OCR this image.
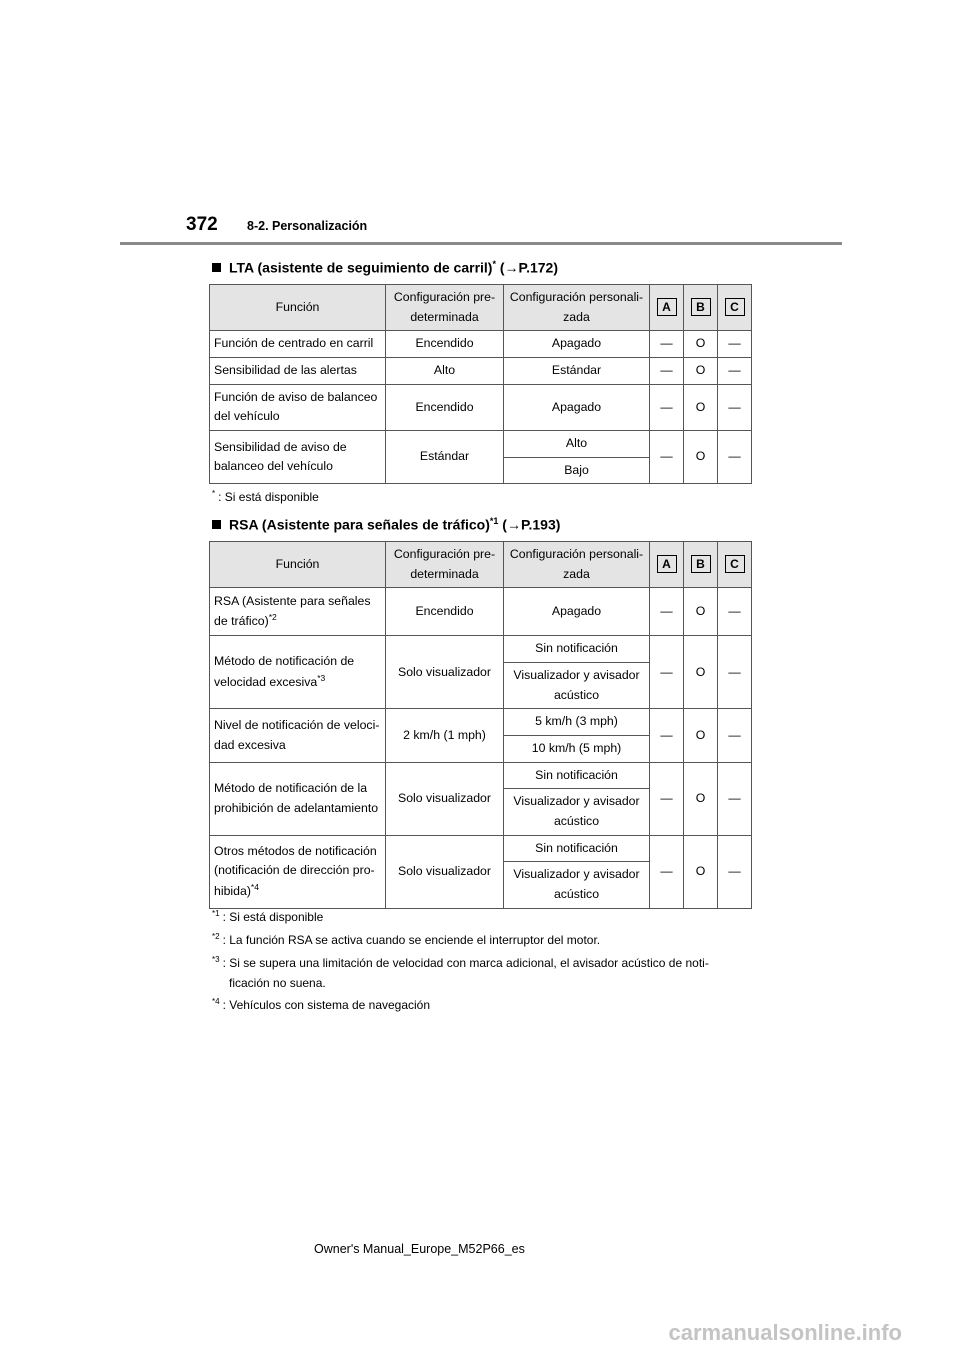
372 8-2. Personalización
LTA (asistente de seguimiento de carril)* (→P.172)
Función	Configuración pre-determinada	Configuración personali-zada	A	B	C
Función de centrado en carril	Encendido	Apagado	—	O	—
Sensibilidad de las alertas	Alto	Estándar	—	O	—
Función de aviso de balanceo del vehículo	Encendido	Apagado	—	O	—
Sensibilidad de aviso de balanceo del vehículo	Estándar	Alto	—	O	—
		Bajo			
* : Si está disponible
RSA (Asistente para señales de tráfico)$^{*1}$ (→P.193)
Función	Configuración pre-determinada	Configuración personali-zada	A	B	C
RSA (Asistente para señales de tráfico)$^{*2}$	Encendido	Apagado	—	O	—
Método de notificación de velocidad excesiva$^{*3}$	Solo visualizador	Sin notificación	—	O	—
		Visualizador y avisador acústico			
Nivel de notificación de veloci-dad excesiva	2 km/h (1 mph)	5 km/h (3 mph)	—	O	—
		10 km/h (5 mph)			
Método de notificación de la prohibición de adelantamiento	Solo visualizador	Sin notificación	—	O	—
		Visualizador y avisador acústico			
Otros métodos de notificación (notificación de dirección pro-hibida)$^{*4}$	Solo visualizador	Sin notificación	—	O	—
		Visualizador y avisador acústico			
$^{*1}$ : Si está disponible
$^{*2}$ : La función RSA se activa cuando se enciende el interruptor del motor.
$^{*3}$ : Si se supera una limitación de velocidad con marca adicional, el avisador acústico de noti-
ficación no suena.
$^{*4}$ : Vehículos con sistema de navegación
Owner's Manual_Europe_M52P66_es
carmanualsonline.info
